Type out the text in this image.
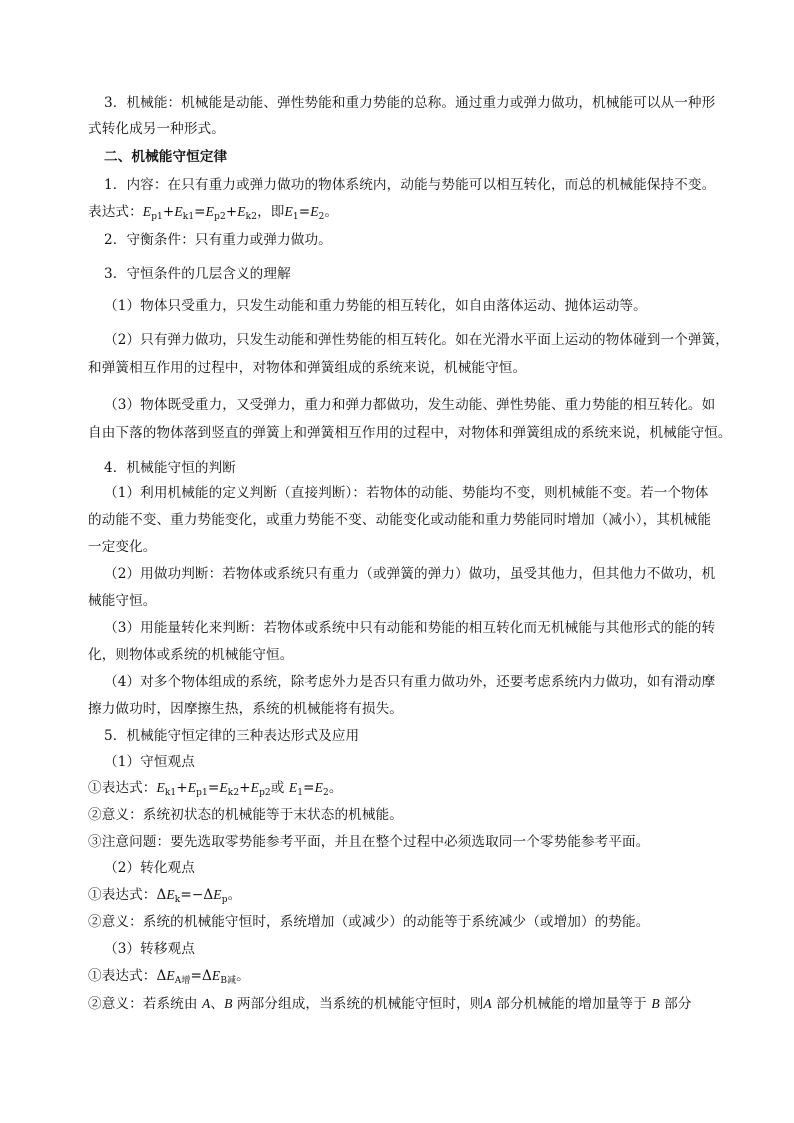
3．机械能：机械能是动能、弹性势能和重力势能的总称。通过重力或弹力做功，机械能可以从一种形
式转化成另一种形式。
二、机械能守恒定律
1．内容：在只有重力或弹力做功的物体系统内，动能与势能可以相互转化，而总的机械能保持不变。
表达式：$E_{p1}+E_{k1}=E_{p2}+E_{k2}$，即$E_1=E_2$。
2．守衡条件：只有重力或弹力做功。
3．守恒条件的几层含义的理解
（1）物体只受重力，只发生动能和重力势能的相互转化，如自由落体运动、抛体运动等。
（2）只有弹力做功，只发生动能和弹性势能的相互转化。如在光滑水平面上运动的物体碰到一个弹簧，
和弹簧相互作用的过程中，对物体和弹簧组成的系统来说，机械能守恒。
（3）物体既受重力，又受弹力，重力和弹力都做功，发生动能、弹性势能、重力势能的相互转化。如
自由下落的物体落到竖直的弹簧上和弹簧相互作用的过程中，对物体和弹簧组成的系统来说，机械能守恒。
4．机械能守恒的判断
（1）利用机械能的定义判断（直接判断）：若物体的动能、势能均不变，则机械能不变。若一个物体
的动能不变、重力势能变化，或重力势能不变、动能变化或动能和重力势能同时增加（减小），其机械能
一定变化。
（2）用做功判断：若物体或系统只有重力（或弹簧的弹力）做功，虽受其他力，但其他力不做功，机
械能守恒。
（3）用能量转化来判断：若物体或系统中只有动能和势能的相互转化而无机械能与其他形式的能的转
化，则物体或系统的机械能守恒。
（4）对多个物体组成的系统，除考虑外力是否只有重力做功外，还要考虑系统内力做功，如有滑动摩
擦力做功时，因摩擦生热，系统的机械能将有损失。
5．机械能守恒定律的三种表达形式及应用
（1）守恒观点
①表达式：$E_{k1}+E_{p1}=E_{k2}+E_{p2}$或 $E_1=E_2$。
②意义：系统初状态的机械能等于末状态的机械能。
③注意问题：要先选取零势能参考平面，并且在整个过程中必须选取同一个零势能参考平面。
（2）转化观点
①表达式：$\Delta E_k=-\Delta E_p$。
②意义：系统的机械能守恒时，系统增加（或减少）的动能等于系统减少（或增加）的势能。
（3）转移观点
①表达式：$\Delta E_{A增}=\Delta E_{B减}$。
②意义：若系统由 A、B 两部分组成，当系统的机械能守恒时，则A 部分机械能的增加量等于 B 部分
